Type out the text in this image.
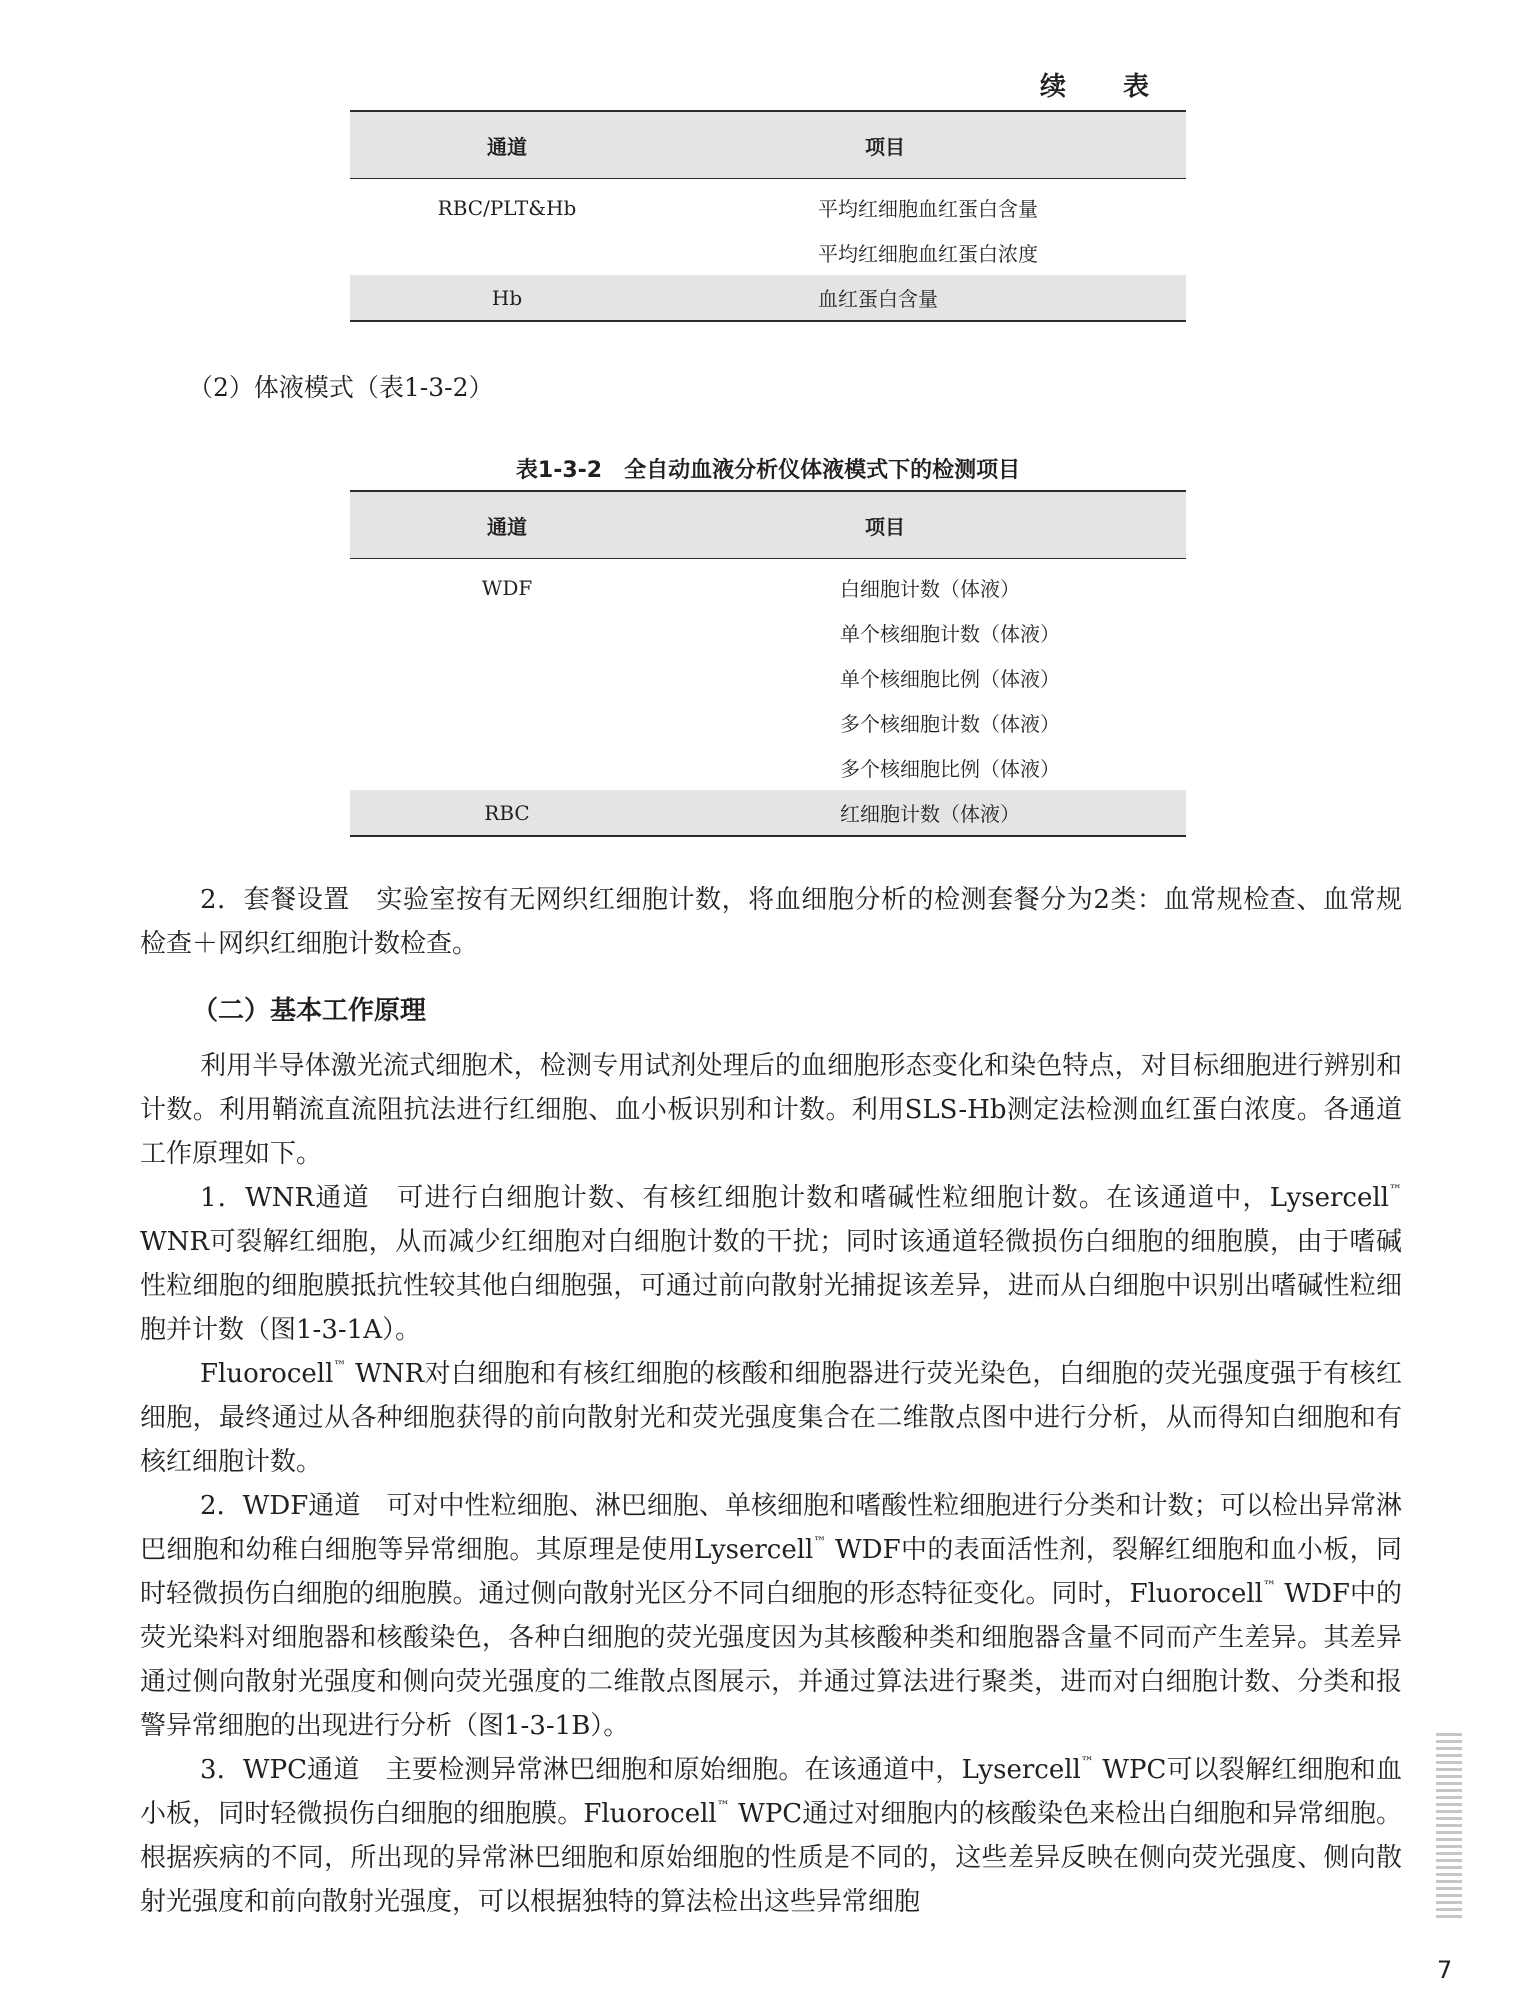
续 表
通道	项目
RBC/PLT&Hb	平均红细胞血红蛋白含量
平均红细胞血红蛋白浓度
Hb	血红蛋白含量
（2）体液模式（表1-3-2）
表1-3-2　全自动血液分析仪体液模式下的检测项目
通道	项目
WDF	白细胞计数（体液）
单个核细胞计数（体液）
单个核细胞比例（体液）
多个核细胞计数（体液）
多个核细胞比例（体液）
RBC	红细胞计数（体液）
2．套餐设置 实验室按有无网织红细胞计数，将血细胞分析的检测套餐分为2类：血常规检查、血常规检查＋网织红细胞计数检查。
（二）基本工作原理
利用半导体激光流式细胞术，检测专用试剂处理后的血细胞形态变化和染色特点，对目标细胞进行辨别和计数。利用鞘流直流阻抗法进行红细胞、血小板识别和计数。利用SLS-Hb测定法检测血红蛋白浓度。各通道工作原理如下。
1．WNR通道 可进行白细胞计数、有核红细胞计数和嗜碱性粒细胞计数。在该通道中，Lysercell™ WNR可裂解红细胞，从而减少红细胞对白细胞计数的干扰；同时该通道轻微损伤白细胞的细胞膜，由于嗜碱性粒细胞的细胞膜抵抗性较其他白细胞强，可通过前向散射光捕捉该差异，进而从白细胞中识别出嗜碱性粒细胞并计数（图1-3-1A）。
Fluorocell™ WNR对白细胞和有核红细胞的核酸和细胞器进行荧光染色，白细胞的荧光强度强于有核红细胞，最终通过从各种细胞获得的前向散射光和荧光强度集合在二维散点图中进行分析，从而得知白细胞和有核红细胞计数。
2．WDF通道 可对中性粒细胞、淋巴细胞、单核细胞和嗜酸性粒细胞进行分类和计数；可以检出异常淋巴细胞和幼稚白细胞等异常细胞。其原理是使用Lysercell™ WDF中的表面活性剂，裂解红细胞和血小板，同时轻微损伤白细胞的细胞膜。通过侧向散射光区分不同白细胞的形态特征变化。同时，Fluorocell™ WDF中的荧光染料对细胞器和核酸染色，各种白细胞的荧光强度因为其核酸种类和细胞器含量不同而产生差异。其差异通过侧向散射光强度和侧向荧光强度的二维散点图展示，并通过算法进行聚类，进而对白细胞计数、分类和报警异常细胞的出现进行分析（图1-3-1B）。
3．WPC通道 主要检测异常淋巴细胞和原始细胞。在该通道中，Lysercell™ WPC可以裂解红细胞和血小板，同时轻微损伤白细胞的细胞膜。Fluorocell™ WPC通过对细胞内的核酸染色来检出白细胞和异常细胞。根据疾病的不同，所出现的异常淋巴细胞和原始细胞的性质是不同的，这些差异反映在侧向荧光强度、侧向散射光强度和前向散射光强度，可以根据独特的算法检出这些异常细胞
7
